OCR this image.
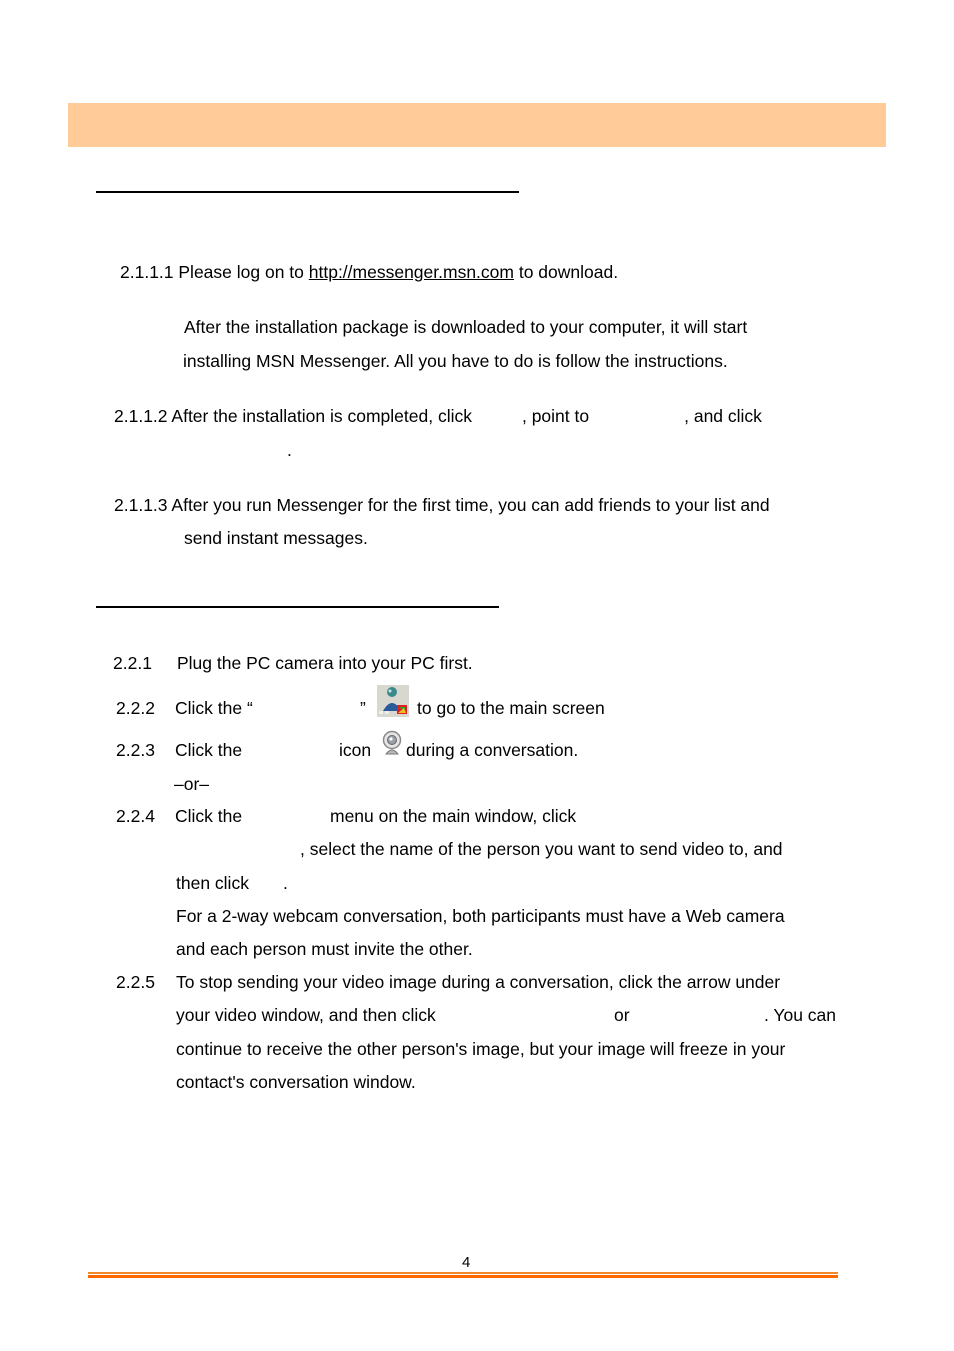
2.1.1.1 Please log on to http://messenger.msn.com to download.
After the installation package is downloaded to your computer, it will start
installing MSN Messenger. All you have to do is follow the instructions.
2.1.1.2 After the installation is completed, click	, point to	, and click
.
2.1.1.3 After you run Messenger for the first time, you can add friends to your list and
send instant messages.
2.2.1 Plug the PC camera into your PC first.
2.2.2 Click the “	”	to go to the main screen
2.2.3 Click the	icon during a conversation.
–or–
2.2.4 Click the	menu on the main window, click
, select the name of the person you want to send video to, and
then click .
For a 2-way webcam conversation, both participants must have a Web camera
and each person must invite the other.
2.2.5 To stop sending your video image during a conversation, click the arrow under
your video window, and then click	or	. You can
continue to receive the other person's image, but your image will freeze in your
contact's conversation window.
4
